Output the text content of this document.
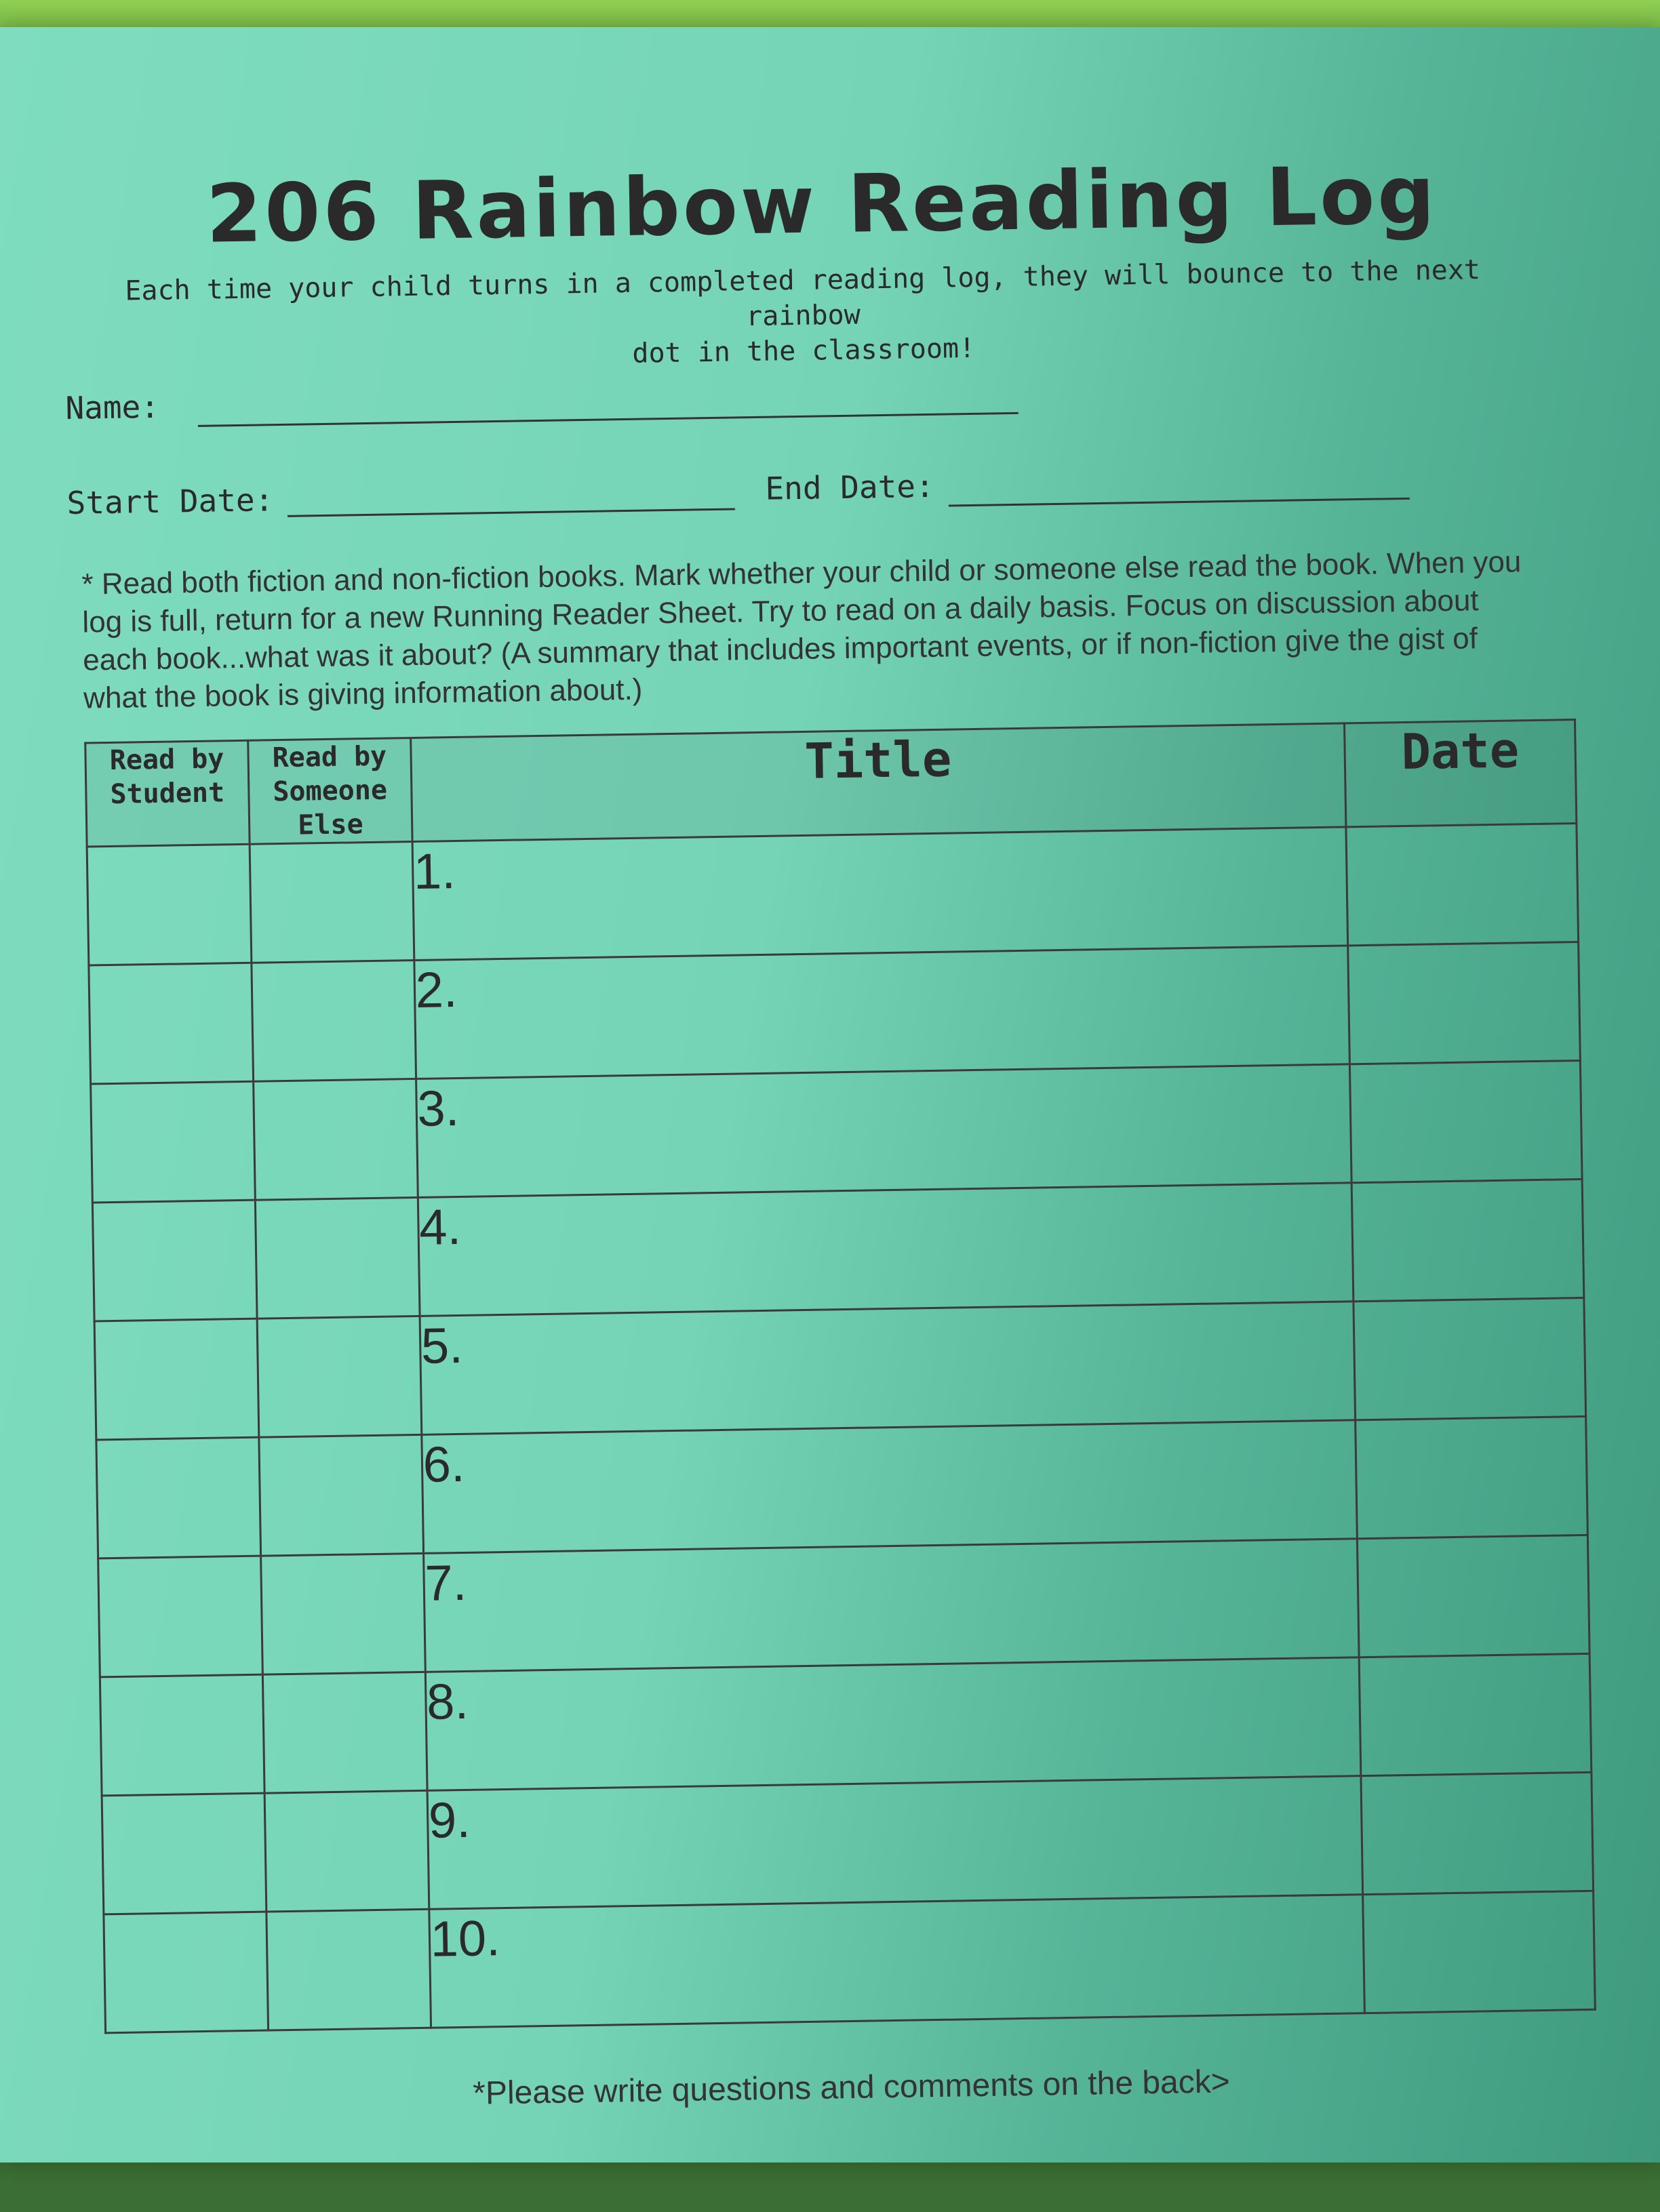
206 Rainbow Reading Log
Each time your child turns in a completed reading log, they will bounce to the next rainbow
dot in the classroom!
Name:
Start Date:	End Date:
* Read both fiction and non-fiction books. Mark whether your child or someone else read the book. When you log is full, return for a new Running Reader Sheet. Try to read on a daily basis. Focus on discussion about each book...what was it about? (A summary that includes important events, or if non-fiction give the gist of what the book is giving information about.)
Read by Student	Read by Someone Else	Title	Date
		1.	
		2.	
		3.	
		4.	
		5.	
		6.	
		7.	
		8.	
		9.	
		10.	
*Please write questions and comments on the back>
